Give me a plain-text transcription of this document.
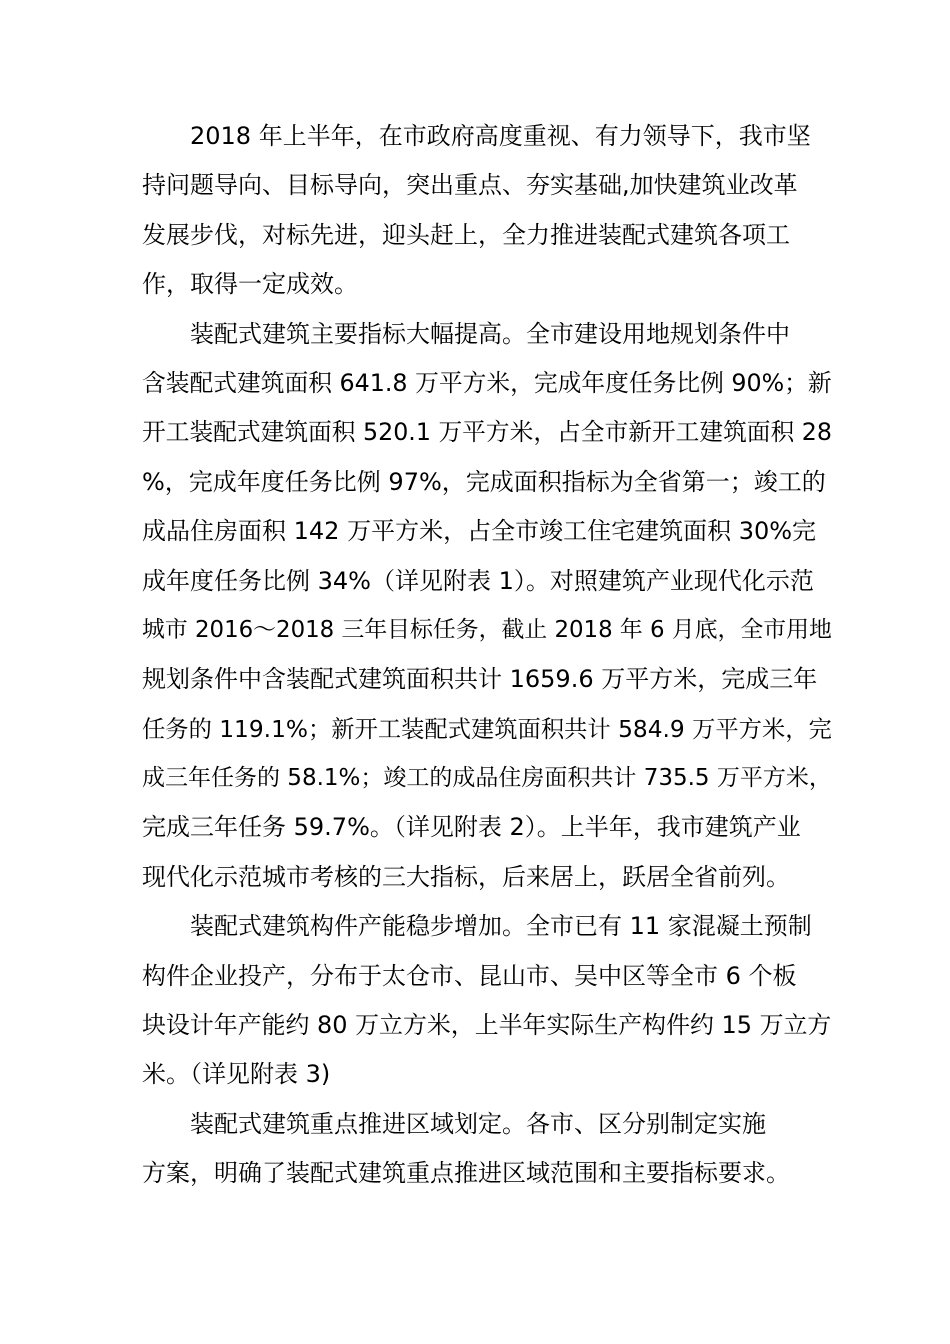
2018 年上半年，在市政府高度重视、有力领导下，我市坚
持问题导向、目标导向，突出重点、夯实基础,加快建筑业改革
发展步伐，对标先进，迎头赶上，全力推进装配式建筑各项工
作，取得一定成效。
装配式建筑主要指标大幅提高。全市建设用地规划条件中
含装配式建筑面积 641.8 万平方米，完成年度任务比例 90%；新
开工装配式建筑面积 520.1 万平方米，占全市新开工建筑面积 28
%，完成年度任务比例 97%，完成面积指标为全省第一；竣工的
成品住房面积 142 万平方米，占全市竣工住宅建筑面积 30%完
成年度任务比例 34%（详见附表 1）。对照建筑产业现代化示范
城市 2016〜2018 三年目标任务，截止 2018 年 6 月底，全市用地
规划条件中含装配式建筑面积共计 1659.6 万平方米，完成三年
任务的 119.1%；新开工装配式建筑面积共计 584.9 万平方米，完
成三年任务的 58.1%；竣工的成品住房面积共计 735.5 万平方米，
完成三年任务 59.7%。（详见附表 2）。上半年，我市建筑产业
现代化示范城市考核的三大指标，后来居上，跃居全省前列。
装配式建筑构件产能稳步增加。全市已有 11 家混凝土预制
构件企业投产，分布于太仓市、昆山市、吴中区等全市 6 个板
块设计年产能约 80 万立方米，上半年实际生产构件约 15 万立方
米。（详见附表 3)
装配式建筑重点推进区域划定。各市、区分别制定实施
方案，明确了装配式建筑重点推进区域范围和主要指标要求。
